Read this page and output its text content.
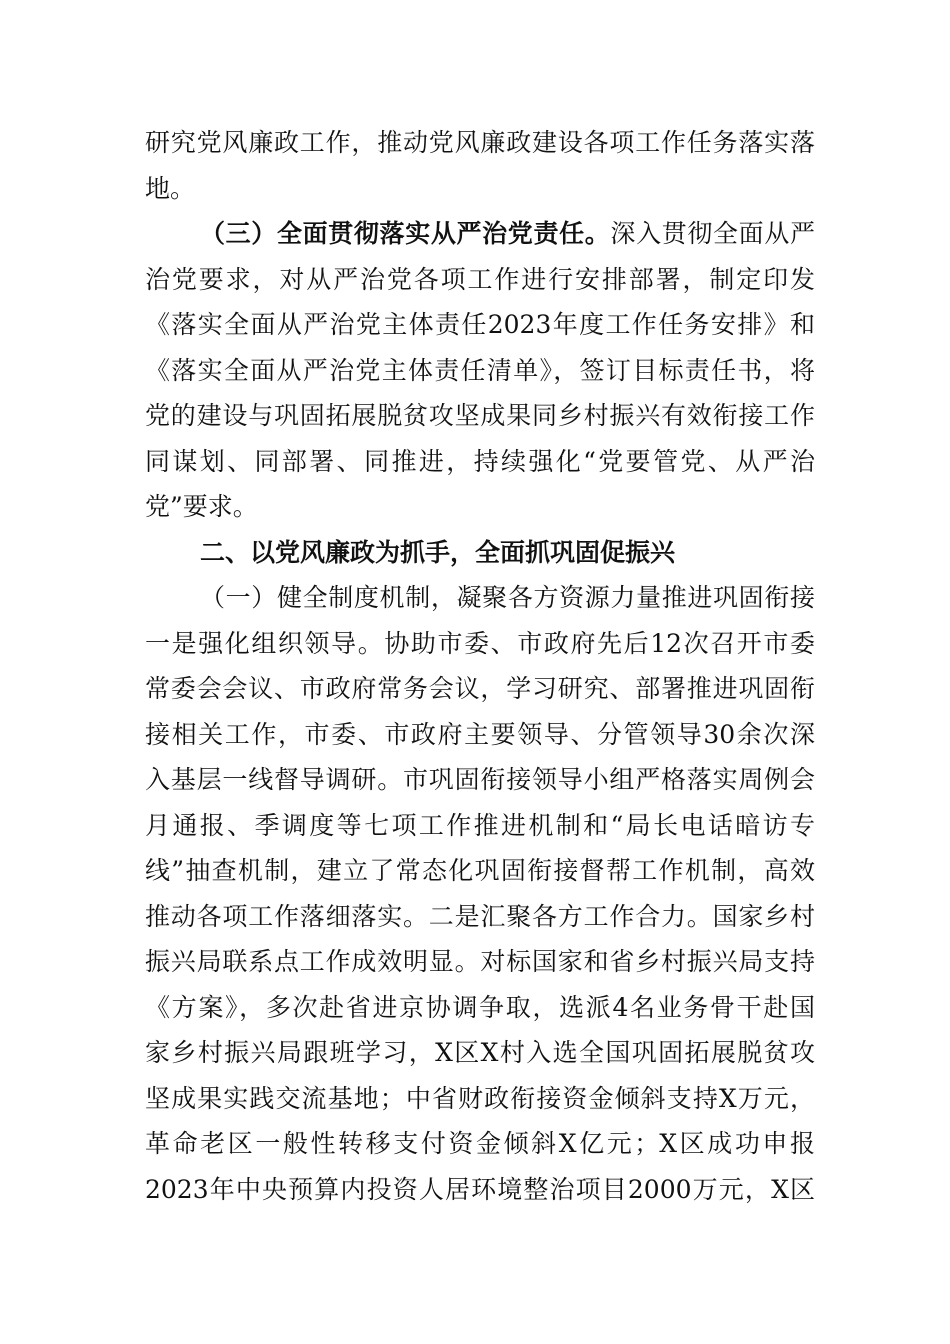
研究党风廉政工作，推动党风廉政建设各项工作任务落实落
地。
（三）全面贯彻落实从严治党责任。深入贯彻全面从严
治党要求，对从严治党各项工作进行安排部署，制定印发
《落实全面从严治党主体责任2023年度工作任务安排》和
《落实全面从严治党主体责任清单》，签订目标责任书，将
党的建设与巩固拓展脱贫攻坚成果同乡村振兴有效衔接工作
同谋划、同部署、同推进，持续强化“党要管党、从严治
党”要求。
二、以党风廉政为抓手，全面抓巩固促振兴
（一）健全制度机制，凝聚各方资源力量推进巩固衔接
一是强化组织领导。协助市委、市政府先后12次召开市委
常委会会议、市政府常务会议，学习研究、部署推进巩固衔
接相关工作，市委、市政府主要领导、分管领导30余次深
入基层一线督导调研。市巩固衔接领导小组严格落实周例会
月通报、季调度等七项工作推进机制和“局长电话暗访专
线”抽查机制，建立了常态化巩固衔接督帮工作机制，高效
推动各项工作落细落实。二是汇聚各方工作合力。国家乡村
振兴局联系点工作成效明显。对标国家和省乡村振兴局支持
《方案》，多次赴省进京协调争取，选派4名业务骨干赴国
家乡村振兴局跟班学习，X区X村入选全国巩固拓展脱贫攻
坚成果实践交流基地；中省财政衔接资金倾斜支持X万元，
革命老区一般性转移支付资金倾斜X亿元；X区成功申报
2023年中央预算内投资人居环境整治项目2000万元，X区
